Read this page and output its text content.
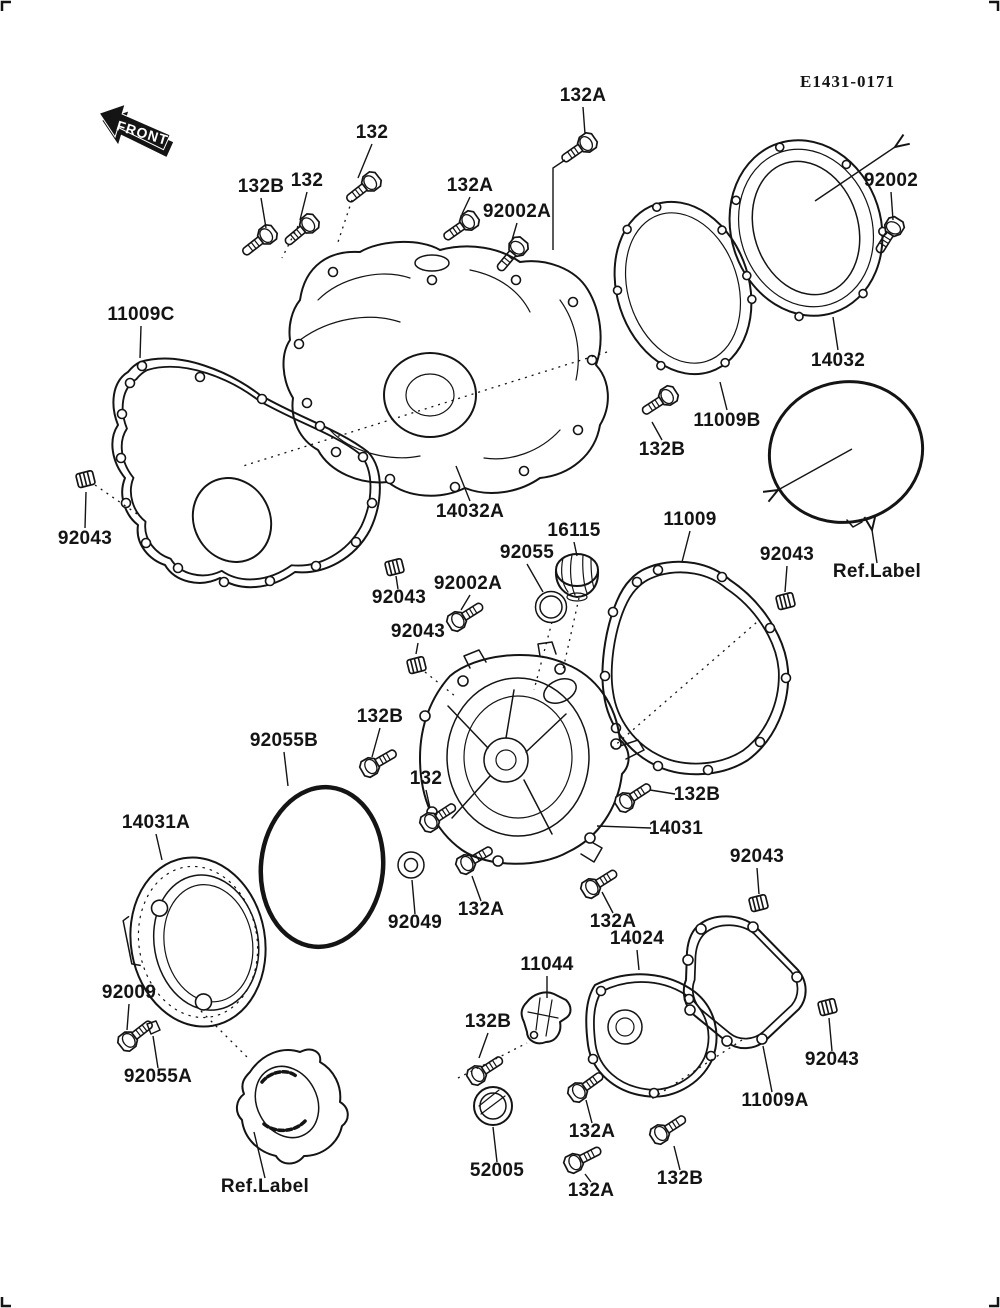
E1431-0171
FRONT
132B 132
132
132A
92002A
132A
92002
14032
11009B
132B
11009C
92043
14032A
16115
92055
11009
92043
Ref.Label
92002A
92043
92043
92055B
132B
132
14031A
92049
132A
132B
14031
92043
132A
14024
92009
92055A
11044
132B
132A
52005
132A
132B
11009A
92043
Ref.Label
